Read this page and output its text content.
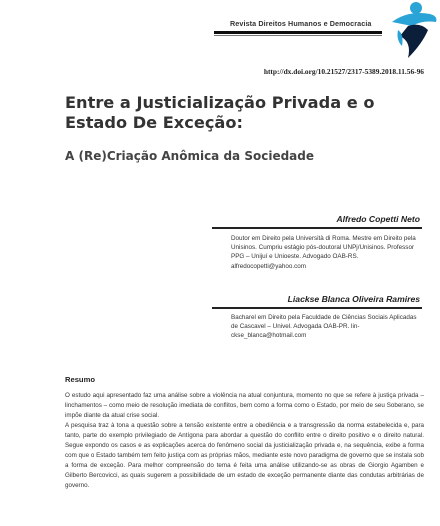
Revista Direitos Humanos e Democracia
http://dx.doi.org/10.21527/2317-5389.2018.11.56-96
Entre a Justicialização Privada e o Estado De Exceção:
A (Re)Criação Anômica da Sociedade
Alfredo Copetti Neto
Doutor em Direito pela Università di Roma. Mestre em Direito pela Unisinos. Cumpriu estágio pós-doutoral UNPj/Unisinos. Professor PPG – Unijuí e Unioeste. Advogado OAB-RS. alfredocopetti@yahoo.com
Liackse Blanca Oliveira Ramires
Bacharel em Direito pela Faculdade de Ciências Sociais Aplicadas de Cascavel – Univel. Advogada OAB-PR. lin-ckse_blanca@hotmail.com
Resumo

O estudo aqui apresentado faz uma análise sobre a violência na atual conjuntura, momento no que se refere à justiça privada – linchamentos – como meio de resolução imediata de conflitos, bem como a forma como o Estado, por meio de seu Soberano, se impõe diante da atual crise social.

A pesquisa traz à tona a questão sobre a tensão existente entre a obediência e a transgressão da norma estabelecida e, para tanto, parte do exemplo privilegiado de Antígona para abordar a questão do conflito entre o direito positivo e o direito natural. Segue expondo os casos e as explicações acerca do fenômeno social da justicialização privada e, na sequência, exibe a forma com que o Estado também tem feito justiça com as próprias mãos, mediante este novo paradigma de governo que se instala sob a forma de exceção. Para melhor compreensão do tema é feita uma análise utilizando-se as obras de Giorgio Agamben e Gilberto Bercovicci, as quais sugerem a possibilidade de um estado de exceção permanente diante das condutas arbitrárias de governo.
